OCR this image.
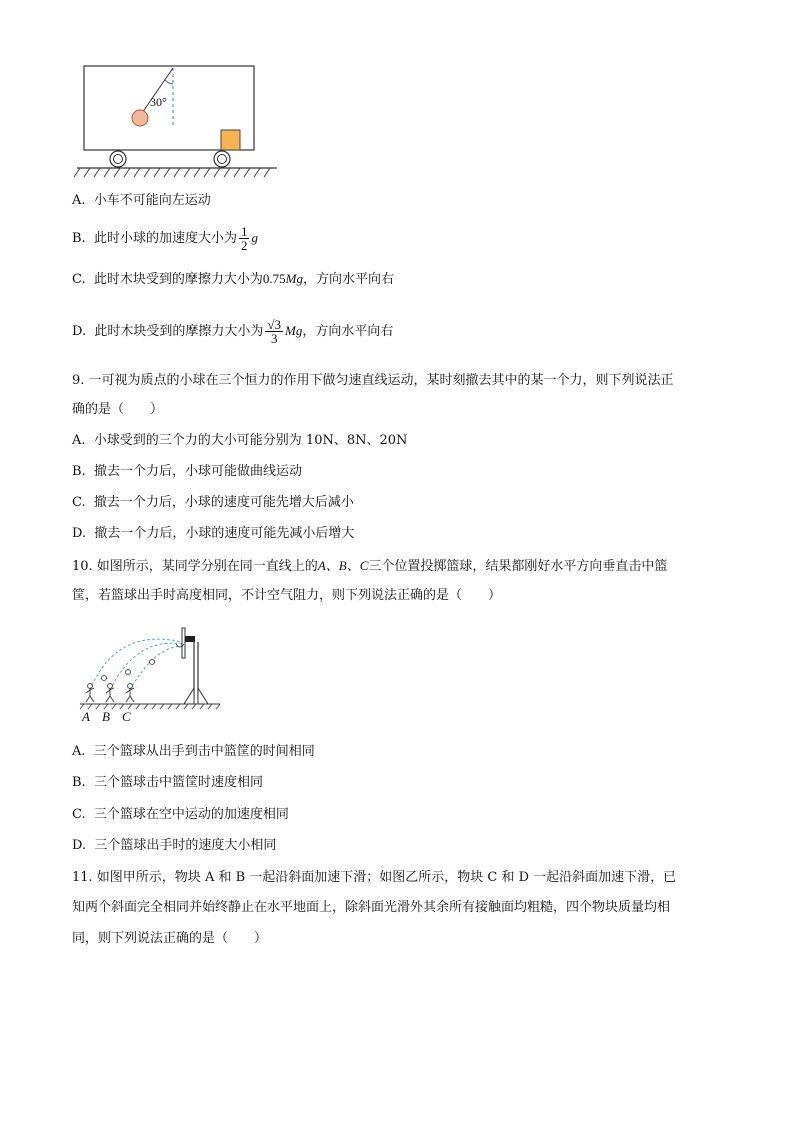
30°
A. 小车不可能向左运动
B. 此时小球的加速度大小为 $\frac{1}{2}$ g
C. 此时木块受到的摩擦力大小为0.75Mg，方向水平向右
D. 此时木块受到的摩擦力大小为 $\frac{√3}{3}$ Mg，方向水平向右
9. 一可视为质点的小球在三个恒力的作用下做匀速直线运动，某时刻撤去其中的某一个力，则下列说法正
确的是（　　）
A. 小球受到的三个力的大小可能分别为 10N、8N、20N
B. 撤去一个力后，小球可能做曲线运动
C. 撤去一个力后，小球的速度可能先增大后减小
D. 撤去一个力后，小球的速度可能先减小后增大
10. 如图所示，某同学分别在同一直线上的A、B、C三个位置投掷篮球，结果都刚好水平方向垂直击中篮
筐，若篮球出手时高度相同，不计空气阻力，则下列说法正确的是（　　）
A B C
A. 三个篮球从出手到击中篮筐的时间相同
B. 三个篮球击中篮筐时速度相同
C. 三个篮球在空中运动的加速度相同
D. 三个篮球出手时的速度大小相同
11. 如图甲所示，物块 A 和 B 一起沿斜面加速下滑；如图乙所示，物块 C 和 D 一起沿斜面加速下滑，已
知两个斜面完全相同并始终静止在水平地面上，除斜面光滑外其余所有接触面均粗糙，四个物块质量均相
同，则下列说法正确的是（　　）
